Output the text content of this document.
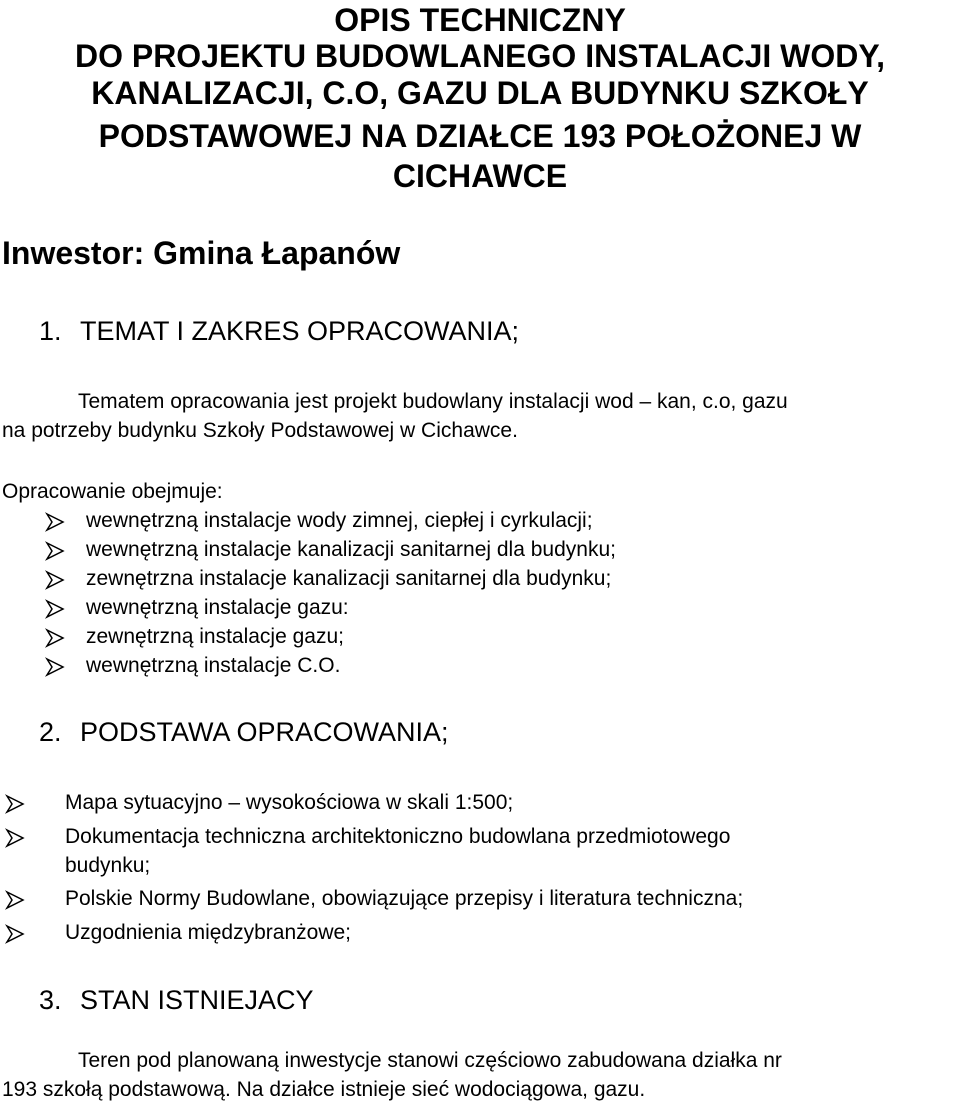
OPIS TECHNICZNY
DO PROJEKTU BUDOWLANEGO INSTALACJI WODY,
KANALIZACJI, C.O, GAZU DLA BUDYNKU SZKOŁY
PODSTAWOWEJ NA DZIAŁCE 193 POŁOŻONEJ W
CICHAWCE
Inwestor: Gmina Łapanów
1. TEMAT I ZAKRES OPRACOWANIA;
Tematem opracowania jest projekt budowlany instalacji wod – kan, c.o, gazu
na potrzeby budynku Szkoły Podstawowej w Cichawce.
Opracowanie obejmuje:
wewnętrzną instalacje wody zimnej, ciepłej i cyrkulacji;
wewnętrzną instalacje kanalizacji sanitarnej dla budynku;
zewnętrzna instalacje kanalizacji sanitarnej dla budynku;
wewnętrzną instalacje gazu:
zewnętrzną instalacje gazu;
wewnętrzną instalacje C.O.
2. PODSTAWA OPRACOWANIA;
Mapa sytuacyjno – wysokościowa w skali 1:500;
Dokumentacja techniczna architektoniczno budowlana przedmiotowego
budynku;
Polskie Normy Budowlane, obowiązujące przepisy i literatura techniczna;
Uzgodnienia międzybranżowe;
3. STAN ISTNIEJACY
Teren pod planowaną inwestycje stanowi częściowo zabudowana działka nr
193 szkołą podstawową. Na działce istnieje sieć wodociągowa, gazu.
